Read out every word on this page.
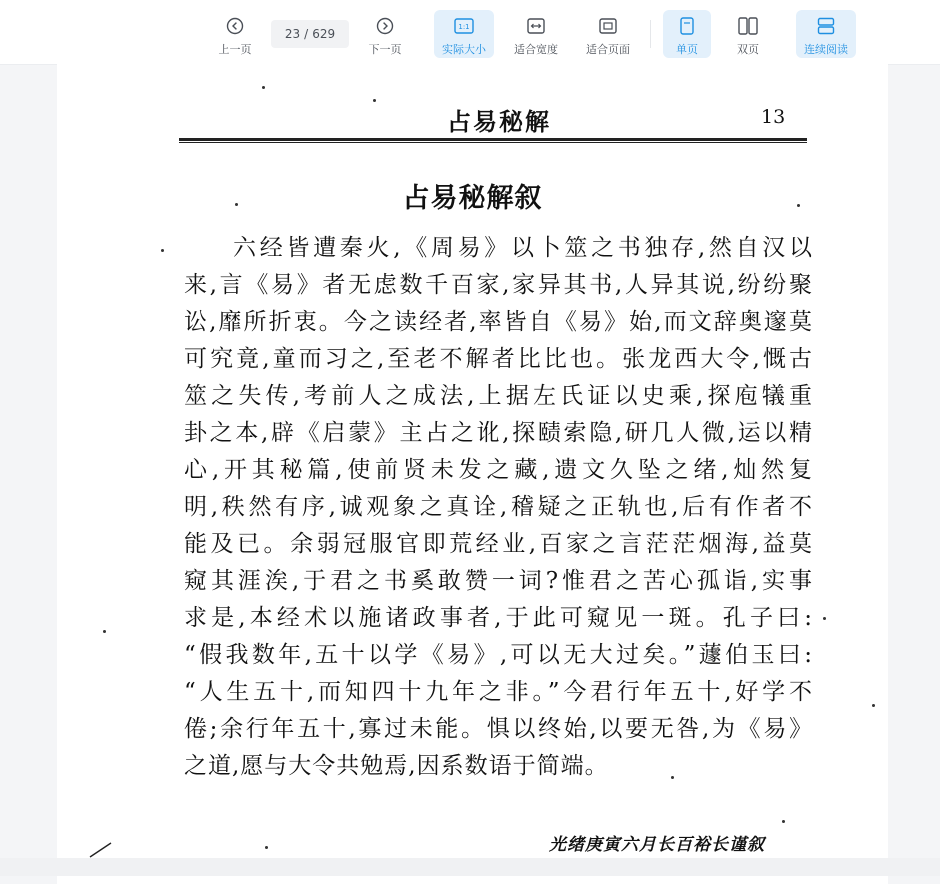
上一页
23 / 629
下一页
1:1
实际大小	适合宽度	适合页面	单页	双页	连续阅读
占易秘解	13
占易秘解叙
六经皆遭秦火,《周易》以卜筮之书独存,然自汉以
来,言《易》者无虑数千百家,家异其书,人异其说,纷纷聚
讼,靡所折衷。今之读经者,率皆自《易》始,而文辞奥邃莫
可究竟,童而习之,至老不解者比比也。张龙西大令,慨古
筮之失传,考前人之成法,上据左氏证以史乘,探庖犠重
卦之本,辟《启蒙》主占之讹,探赜索隐,研几人微,运以精
心,开其秘篇,使前贤未发之藏,遗文久坠之绪,灿然复
明,秩然有序,诚观象之真诠,稽疑之正轨也,后有作者不
能及已。余弱冠服官即荒经业,百家之言茫茫烟海,益莫
窥其涯涘,于君之书奚敢赞一词?惟君之苦心孤诣,实事
求是,本经术以施诸政事者,于此可窥见一斑。孔子曰:
“假我数年,五十以学《易》,可以无大过矣。”蘧伯玉曰:
“人生五十,而知四十九年之非。”今君行年五十,好学不
倦;余行年五十,寡过未能。惧以终始,以要无咎,为《易》
之道,愿与大令共勉焉,因系数语于简端。
光绪庚寅六月长百裕长谨叙
